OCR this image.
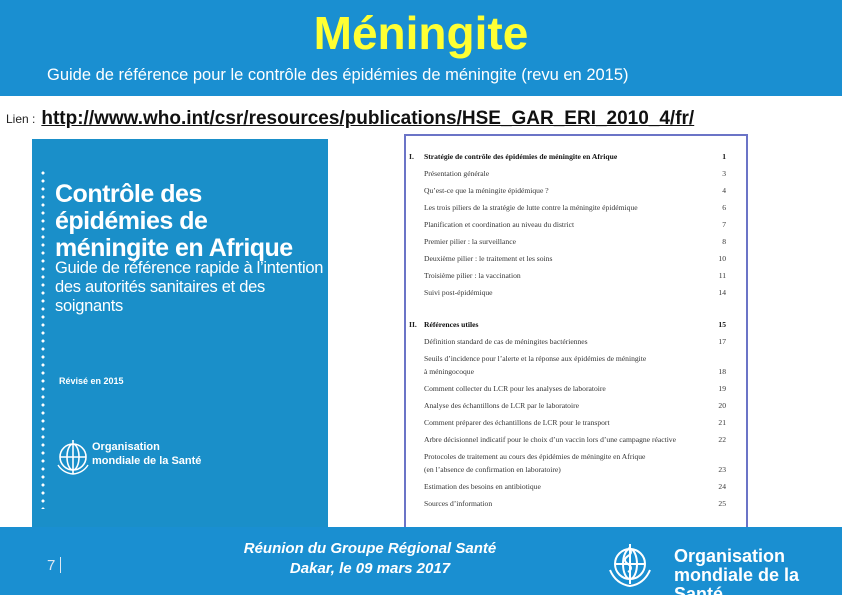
Méningite
Guide de référence pour le contrôle des épidémies de méningite (revu en 2015)
Lien : http://www.who.int/csr/resources/publications/HSE_GAR_ERI_2010_4/fr/
Contrôle des épidémies de méningite en Afrique
Guide de référence rapide à l’intention des autorités sanitaires et des soignants
Révisé en 2015
Organisation
mondiale de la Santé
I. Stratégie de contrôle des épidémies de méningite en Afrique	1
Présentation générale	3
Qu’est-ce que la méningite épidémique ?	4
Les trois piliers de la stratégie de lutte contre la méningite épidémique	6
Planification et coordination au niveau du district	7
Premier pilier : la surveillance	8
Deuxième pilier : le traitement et les soins	10
Troisième pilier : la vaccination	11
Suivi post-épidémique	14
II. Références utiles	15
Définition standard de cas de méningites bactériennes	17
Seuils d’incidence pour l’alerte et la réponse aux épidémies de méningite
à méningocoque	18
Comment collecter du LCR pour les analyses de laboratoire	19
Analyse des échantillons de LCR par le laboratoire	20
Comment préparer des échantillons de LCR pour le transport	21
Arbre décisionnel indicatif pour le choix d’un vaccin lors d’une campagne réactive	22
Protocoles de traitement au cours des épidémies de méningite en Afrique
(en l’absence de confirmation en laboratoire)	23
Estimation des besoins en antibiotique	24
Sources d’information	25
7
Réunion du Groupe Régional Santé
Dakar, le 09 mars 2017
Organisation
mondiale de la Santé
